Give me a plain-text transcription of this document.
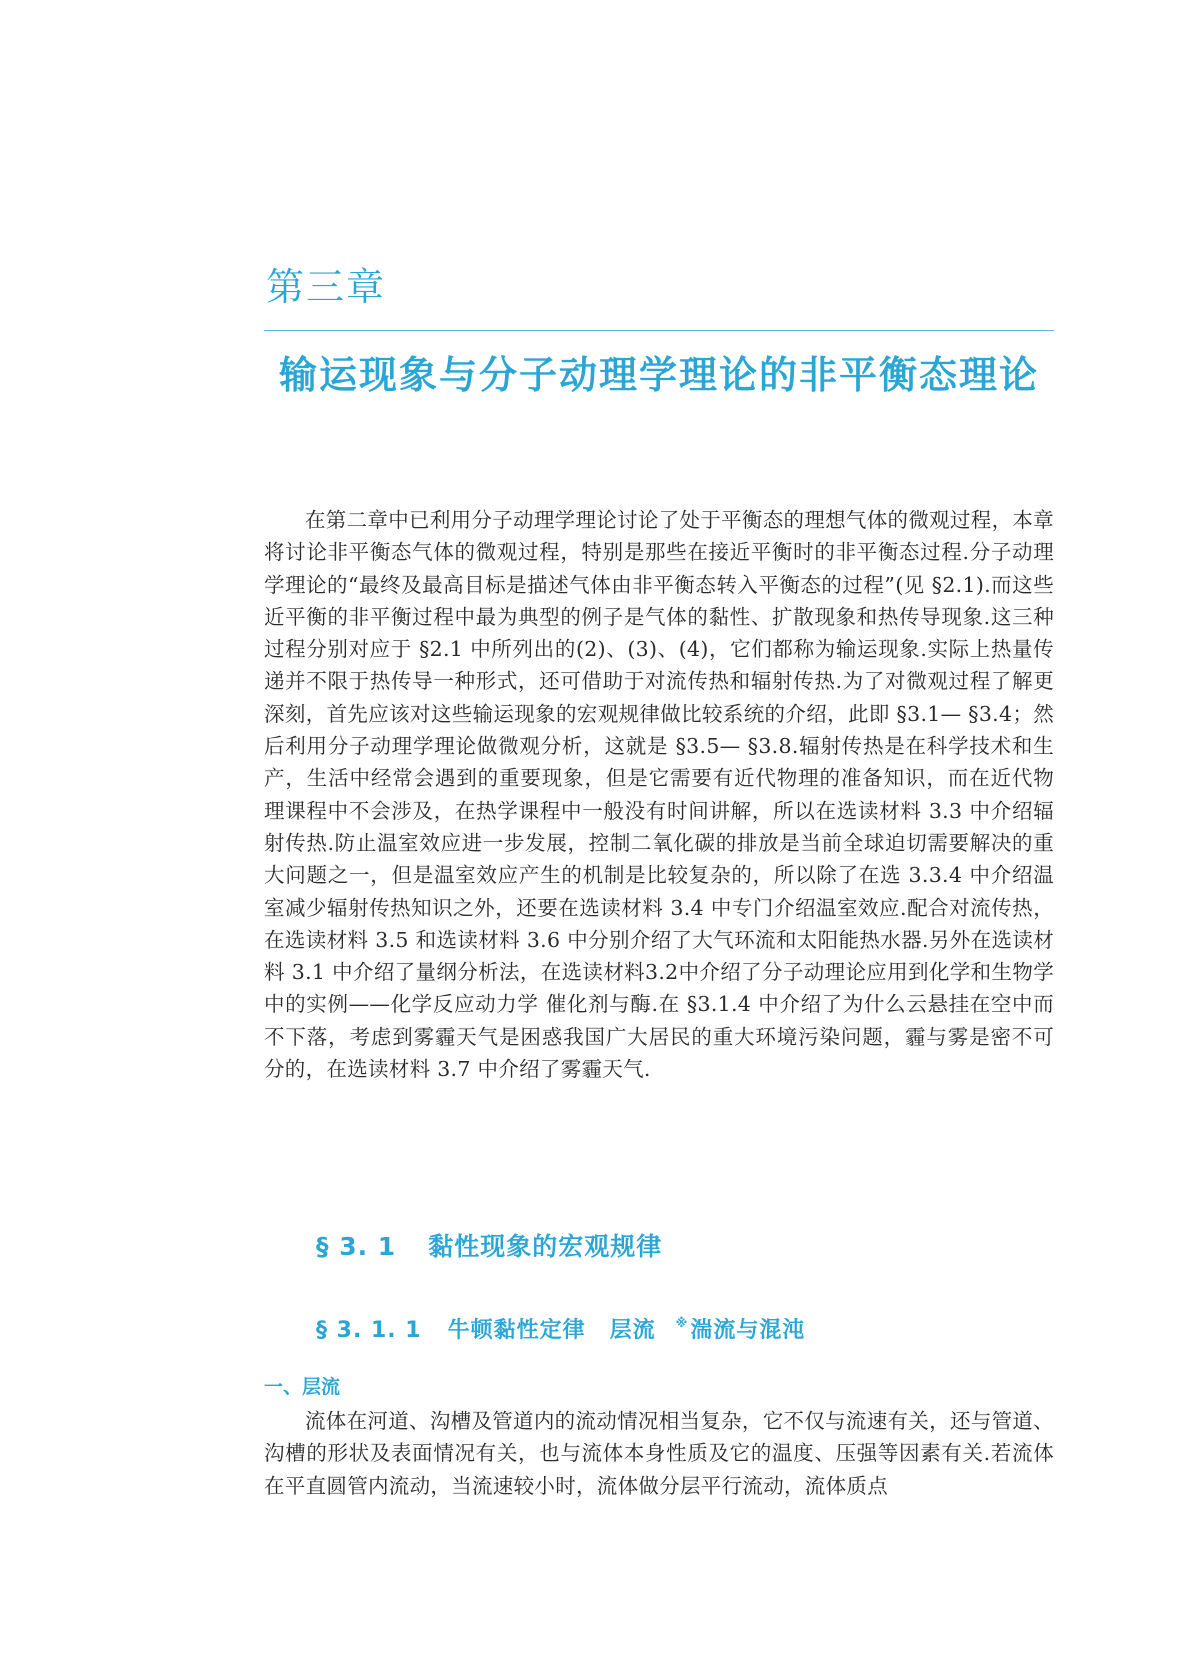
第三章
输运现象与分子动理学理论的非平衡态理论

在第二章中已利用分子动理学理论讨论了处于平衡态的理想气体的微观过程，本章将讨论非平衡态气体的微观过程，特别是那些在接近平衡时的非平衡态过程.分子动理学理论的“最终及最高目标是描述气体由非平衡态转入平衡态的过程”(见 §2.1).而这些近平衡的非平衡过程中最为典型的例子是气体的黏性、扩散现象和热传导现象.这三种过程分别对应于 §2.1 中所列出的(2)、(3)、(4)，它们都称为输运现象.实际上热量传递并不限于热传导一种形式，还可借助于对流传热和辐射传热.为了对微观过程了解更深刻，首先应该对这些输运现象的宏观规律做比较系统的介绍，此即 §3.1— §3.4；然后利用分子动理学理论做微观分析，这就是 §3.5— §3.8.辐射传热是在科学技术和生产，生活中经常会遇到的重要现象，但是它需要有近代物理的准备知识，而在近代物理课程中不会涉及，在热学课程中一般没有时间讲解，所以在选读材料 3.3 中介绍辐射传热.防止温室效应进一步发展，控制二氧化碳的排放是当前全球迫切需要解决的重大问题之一，但是温室效应产生的机制是比较复杂的，所以除了在选 3.3.4 中介绍温室减少辐射传热知识之外，还要在选读材料 3.4 中专门介绍温室效应.配合对流传热，在选读材料 3.5 和选读材料 3.6 中分别介绍了大气环流和太阳能热水器.另外在选读材料 3.1 中介绍了量纲分析法，在选读材料3.2中介绍了分子动理论应用到化学和生物学中的实例——化学反应动力学 催化剂与酶.在 §3.1.4 中介绍了为什么云悬挂在空中而不下落，考虑到雾霾天气是困惑我国广大居民的重大环境污染问题，霾与雾是密不可分的，在选读材料 3.7 中介绍了雾霾天气.

§ 3. 1 黏性现象的宏观规律
§ 3. 1. 1 牛顿黏性定律 层流 ※湍流与混沌
一、层流

流体在河道、沟槽及管道内的流动情况相当复杂，它不仅与流速有关，还与管道、沟槽的形状及表面情况有关，也与流体本身性质及它的温度、压强等因素有关.若流体在平直圆管内流动，当流速较小时，流体做分层平行流动，流体质点
